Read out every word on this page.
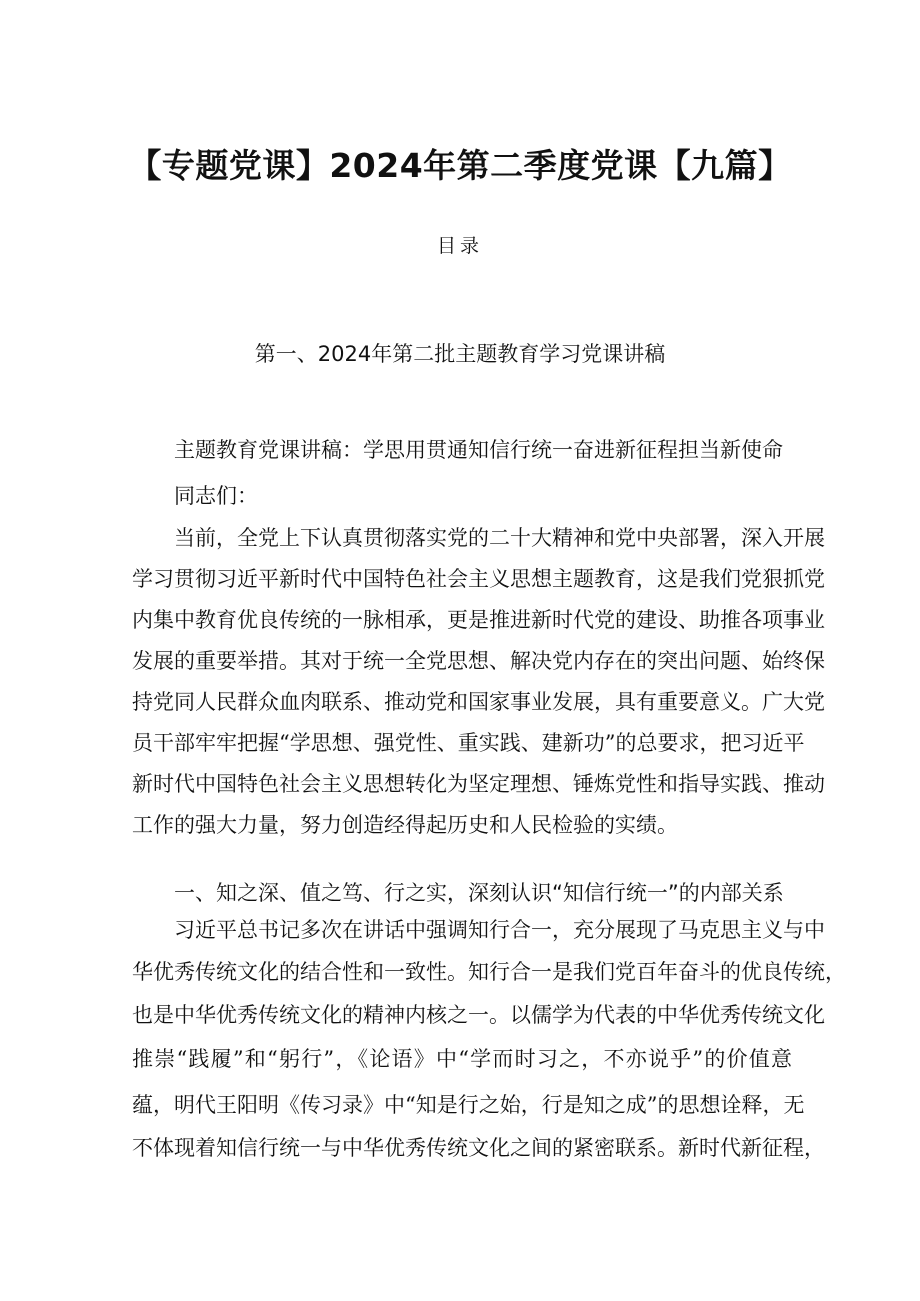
【专题党课】2024年第二季度党课【九篇】
目录
第一、2024年第二批主题教育学习党课讲稿
主题教育党课讲稿：学思用贯通知信行统一奋进新征程担当新使命
同志们：
当前，全党上下认真贯彻落实党的二十大精神和党中央部署，深入开展
学习贯彻习近平新时代中国特色社会主义思想主题教育，这是我们党狠抓党
内集中教育优良传统的一脉相承，更是推进新时代党的建设、助推各项事业
发展的重要举措。其对于统一全党思想、解决党内存在的突出问题、始终保
持党同人民群众血肉联系、推动党和国家事业发展，具有重要意义。广大党
员干部牢牢把握“学思想、强党性、重实践、建新功”的总要求，把习近平
新时代中国特色社会主义思想转化为坚定理想、锤炼党性和指导实践、推动
工作的强大力量，努力创造经得起历史和人民检验的实绩。
一、知之深、值之笃、行之实，深刻认识“知信行统一”的内部关系
习近平总书记多次在讲话中强调知行合一，充分展现了马克思主义与中
华优秀传统文化的结合性和一致性。知行合一是我们党百年奋斗的优良传统，
也是中华优秀传统文化的精神内核之一。以儒学为代表的中华优秀传统文化
推崇“践履”和“躬行”，《论语》中“学而时习之，不亦说乎”的价值意
蕴，明代王阳明《传习录》中“知是行之始，行是知之成”的思想诠释，无
不体现着知信行统一与中华优秀传统文化之间的紧密联系。新时代新征程，
